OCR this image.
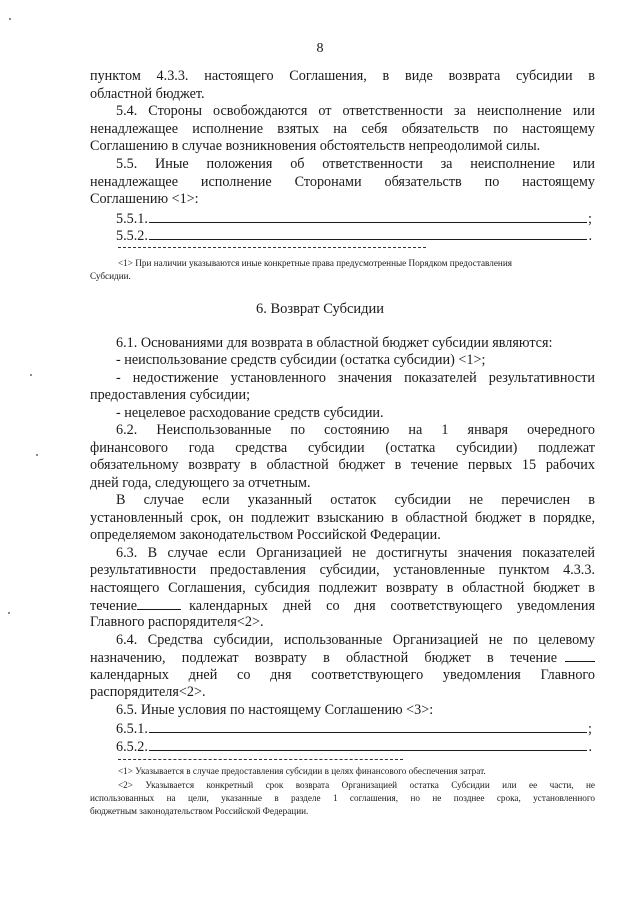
8
пунктом 4.3.3. настоящего Соглашения, в виде возврата субсидии в
областной бюджет.
5.4. Стороны освобождаются от ответственности за неисполнение или
ненадлежащее исполнение взятых на себя обязательств по настоящему
Соглашению в случае возникновения обстоятельств непреодолимой силы.
5.5. Иные положения об ответственности за неисполнение или
ненадлежащее исполнение Сторонами обязательств по настоящему
Соглашению <1>:
5.5.1.	;
5.5.2.	.
<1> При наличии указываются иные конкретные права предусмотренные Порядком предоставления
Субсидии.
6. Возврат Субсидии
6.1. Основаниями для возврата в областной бюджет субсидии являются:
- неиспользование средств субсидии (остатка субсидии) <1>;
- недостижение установленного значения показателей результативности
предоставления субсидии;
- нецелевое расходование средств субсидии.
6.2. Неиспользованные по состоянию на 1 января очередного
финансового года средства субсидии (остатка субсидии) подлежат
обязательному возврату в областной бюджет в течение первых 15 рабочих
дней года, следующего за отчетным.
В случае если указанный остаток субсидии не перечислен в
установленный срок, он подлежит взысканию в областной бюджет в порядке,
определяемом законодательством Российской Федерации.
6.3. В случае если Организацией не достигнуты значения показателей
результативности предоставления субсидии, установленные пунктом 4.3.3.
настоящего Соглашения, субсидия подлежит возврату в областной бюджет в
течение	календарных дней со дня соответствующего уведомления
Главного распорядителя<2>.
6.4. Средства субсидии, использованные Организацией не по целевому
назначению, подлежат возврату в областной бюджет в течение
календарных дней со дня соответствующего уведомления Главного
распорядителя<2>.
6.5. Иные условия по настоящему Соглашению <3>:
6.5.1.	;
6.5.2.	.
<1> Указывается в случае предоставления субсидии в целях финансового обеспечения затрат.
<2> Указывается конкретный срок возврата Организацией остатка Субсидии или ее части, не
использованных на цели, указанные в разделе 1 соглашения, но не позднее срока, установленного
бюджетным законодательством Российской Федерации.
